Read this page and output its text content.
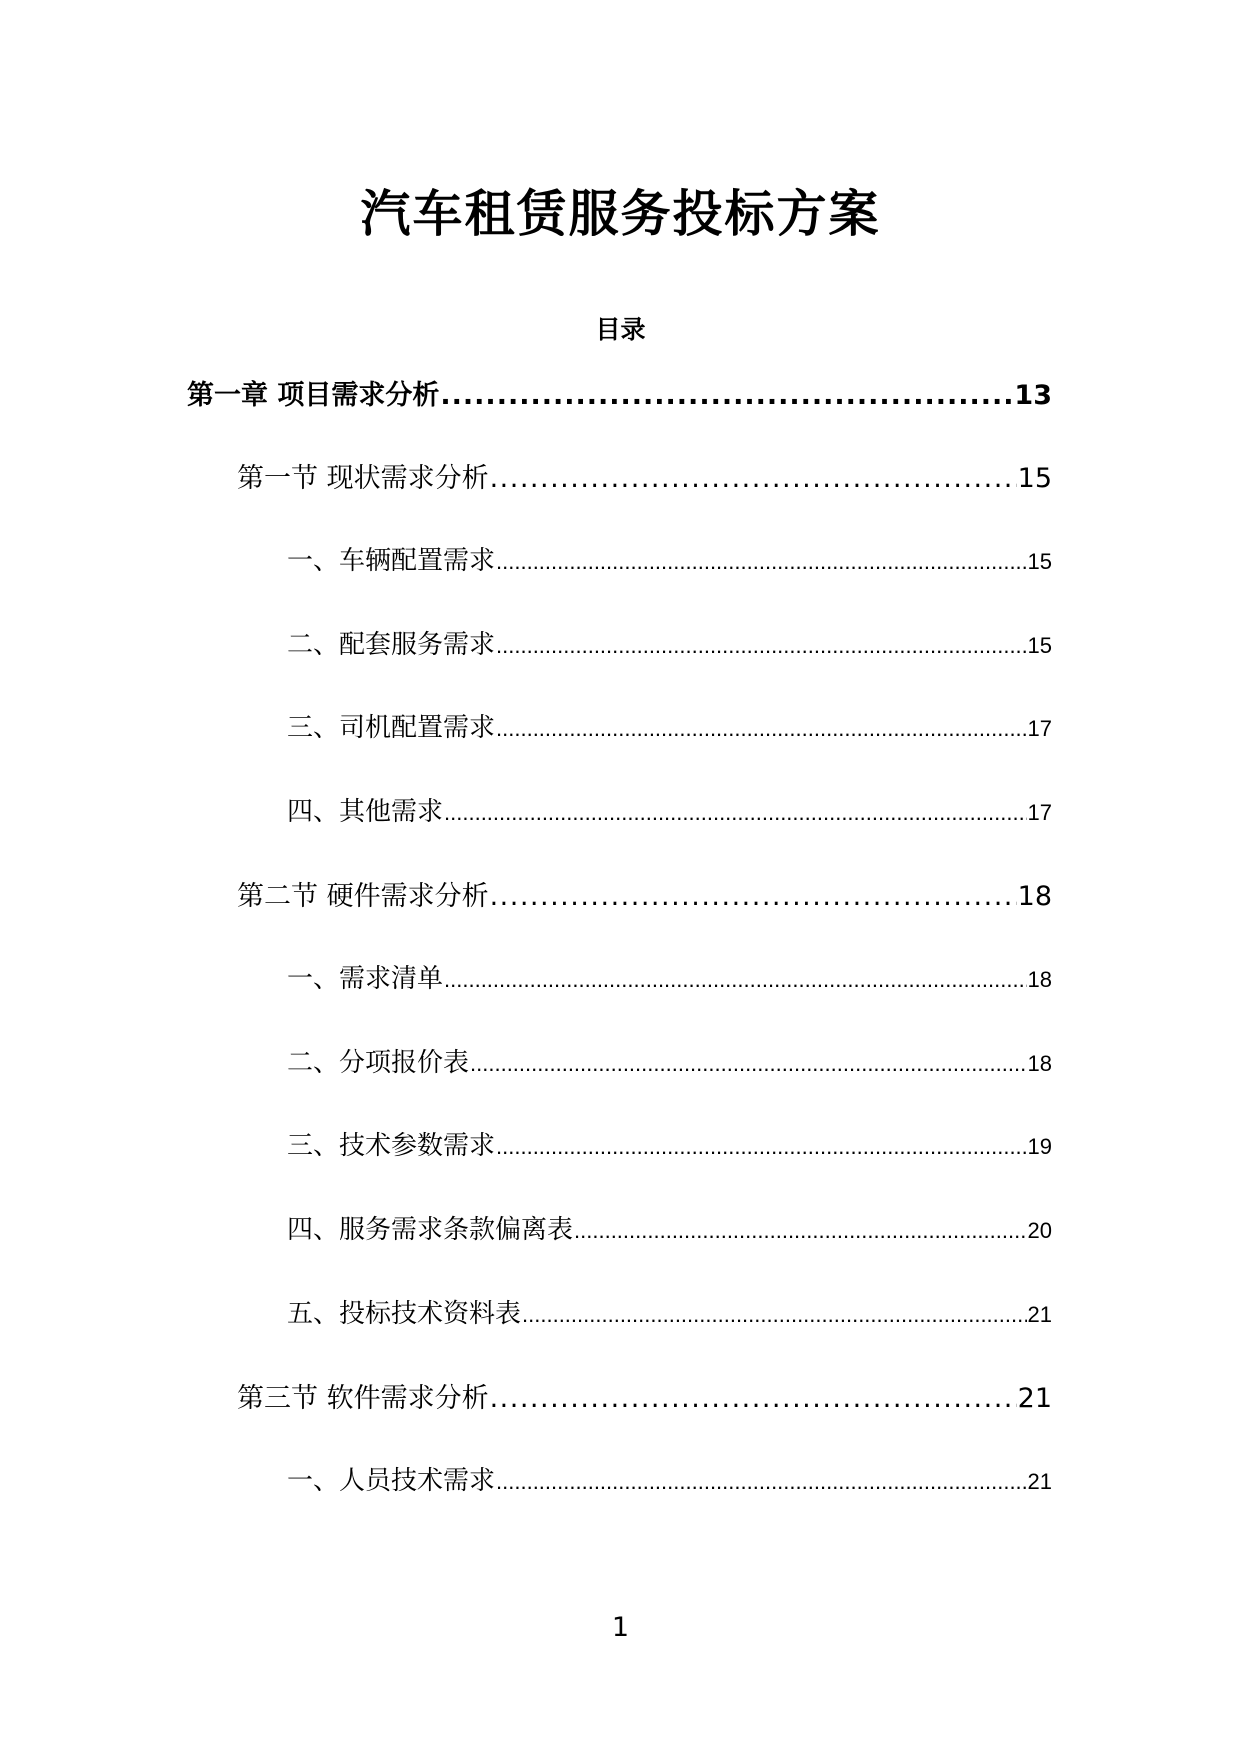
汽车租赁服务投标方案
目录
第一章 项目需求分析 .....	13
第一节 现状需求分析 .....	15
一、车辆配置需求 .....	15
二、配套服务需求 .....	15
三、司机配置需求 .....	17
四、其他需求 .....	17
第二节 硬件需求分析 .....	18
一、需求清单 .....	18
二、分项报价表 .....	18
三、技术参数需求 .....	19
四、服务需求条款偏离表 .....	20
五、投标技术资料表 .....	21
第三节 软件需求分析 .....	21
一、人员技术需求 .....	21
1
